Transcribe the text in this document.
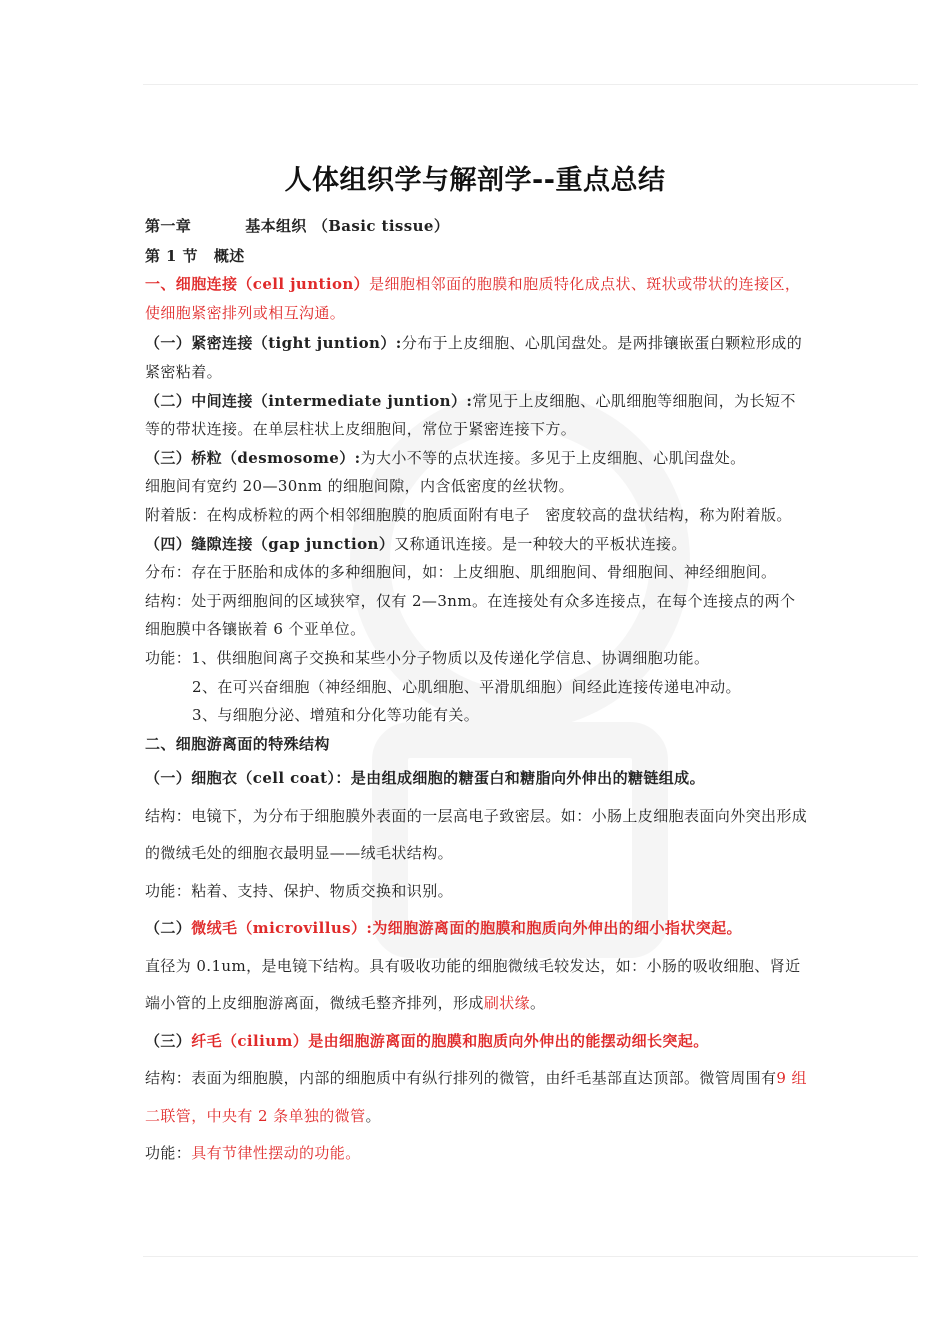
人体组织学与解剖学--重点总结

第一章	基本组织 （Basic tissue）

第 1 节 概述

一、细胞连接（cell juntion）是细胞相邻面的胞膜和胞质特化成点状、斑状或带状的连接区，使细胞紧密排列或相互沟通。

（一）紧密连接（tight juntion）:分布于上皮细胞、心肌闰盘处。是两排镶嵌蛋白颗粒形成的紧密粘着。

（二）中间连接（intermediate juntion）:常见于上皮细胞、心肌细胞等细胞间，为长短不等的带状连接。在单层柱状上皮细胞间，常位于紧密连接下方。

（三）桥粒（desmosome）:为大小不等的点状连接。多见于上皮细胞、心肌闰盘处。

细胞间有宽约 20—30nm 的细胞间隙，内含低密度的丝状物。

附着版：在构成桥粒的两个相邻细胞膜的胞质面附有电子　密度较高的盘状结构，称为附着版。

（四）缝隙连接（gap junction）又称通讯连接。是一种较大的平板状连接。

分布：存在于胚胎和成体的多种细胞间，如：上皮细胞、肌细胞间、骨细胞间、神经细胞间。

结构：处于两细胞间的区域狭窄，仅有 2—3nm。在连接处有众多连接点，在每个连接点的两个细胞膜中各镶嵌着 6 个亚单位。

功能：1、供细胞间离子交换和某些小分子物质以及传递化学信息、协调细胞功能。

2、在可兴奋细胞（神经细胞、心肌细胞、平滑肌细胞）间经此连接传递电冲动。

3、与细胞分泌、增殖和分化等功能有关。

二、细胞游离面的特殊结构

（一）细胞衣（cell coat）：是由组成细胞的糖蛋白和糖脂向外伸出的糖链组成。

结构：电镜下，为分布于细胞膜外表面的一层高电子致密层。如：小肠上皮细胞表面向外突出形成的微绒毛处的细胞衣最明显——绒毛状结构。

功能：粘着、支持、保护、物质交换和识别。

（二）微绒毛（microvillus）:为细胞游离面的胞膜和胞质向外伸出的细小指状突起。

直径为 0.1um，是电镜下结构。具有吸收功能的细胞微绒毛较发达，如：小肠的吸收细胞、肾近端小管的上皮细胞游离面，微绒毛整齐排列，形成刷状缘。

（三）纤毛（cilium）是由细胞游离面的胞膜和胞质向外伸出的能摆动细长突起。

结构：表面为细胞膜，内部的细胞质中有纵行排列的微管，由纤毛基部直达顶部。微管周围有9 组二联管，中央有 2 条单独的微管。

功能：具有节律性摆动的功能。
